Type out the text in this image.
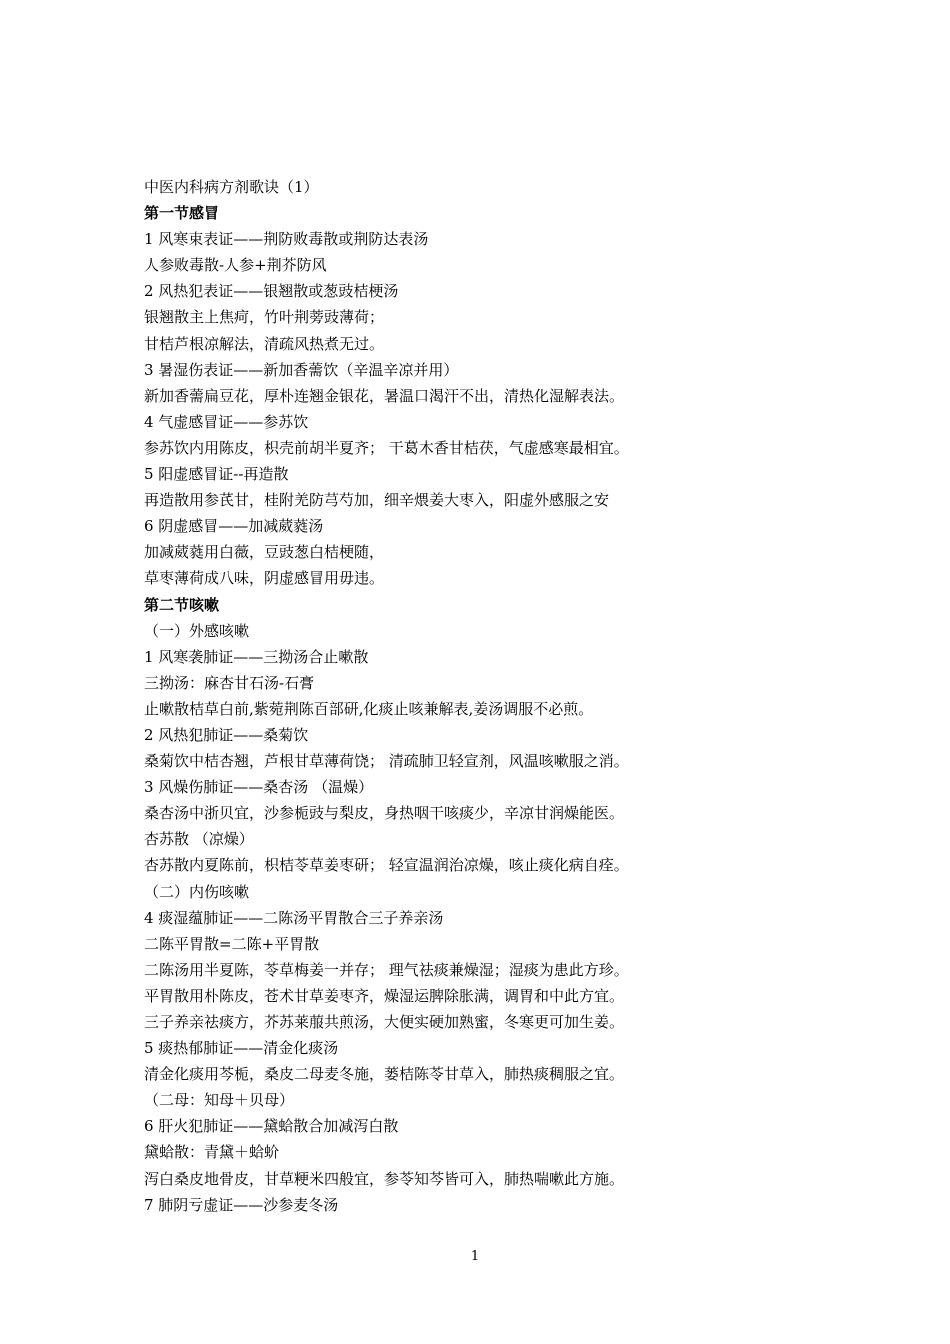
中医内科病方剂歌诀（1）
第一节感冒
1 风寒束表证——荆防败毒散或荆防达表汤
人参败毒散-人参+荆芥防风
2 风热犯表证——银翘散或葱豉桔梗汤
银翘散主上焦疴，竹叶荆蒡豉薄荷；
甘桔芦根凉解法，清疏风热煮无过。
3 暑湿伤表证——新加香薷饮（辛温辛凉并用）
新加香薷扁豆花，厚朴连翘金银花，暑温口渴汗不出，清热化湿解表法。
4 气虚感冒证——参苏饮
参苏饮内用陈皮，枳壳前胡半夏齐； 干葛木香甘桔茯，气虚感寒最相宜。
5 阳虚感冒证--再造散
再造散用参芪甘，桂附羌防芎芍加，细辛煨姜大枣入，阳虚外感服之安
6 阴虚感冒——加减葳蕤汤
加减葳蕤用白薇，豆豉葱白桔梗随，
草枣薄荷成八味，阴虚感冒用毋违。
第二节咳嗽
（一）外感咳嗽
1 风寒袭肺证——三拗汤合止嗽散
三拗汤：麻杏甘石汤-石膏
止嗽散桔草白前,紫菀荆陈百部研,化痰止咳兼解表,姜汤调服不必煎。
2 风热犯肺证——桑菊饮
桑菊饮中桔杏翘，芦根甘草薄荷饶； 清疏肺卫轻宣剂，风温咳嗽服之消。
3 风燥伤肺证——桑杏汤 （温燥）
桑杏汤中浙贝宜，沙参栀豉与梨皮，身热咽干咳痰少，辛凉甘润燥能医。
杏苏散 （凉燥）
杏苏散内夏陈前，枳桔苓草姜枣研； 轻宣温润治凉燥，咳止痰化病自痊。
（二）内伤咳嗽
4 痰湿蕴肺证——二陈汤平胃散合三子养亲汤
二陈平胃散=二陈+平胃散
二陈汤用半夏陈，苓草梅姜一并存； 理气祛痰兼燥湿；湿痰为患此方珍。
平胃散用朴陈皮，苍术甘草姜枣齐，燥湿运脾除胀满，调胃和中此方宜。
三子养亲祛痰方，芥苏莱菔共煎汤，大便实硬加熟蜜，冬寒更可加生姜。
5 痰热郁肺证——清金化痰汤
清金化痰用芩栀，桑皮二母麦冬施，蒌桔陈苓甘草入，肺热痰稠服之宜。
（二母：知母＋贝母）
6 肝火犯肺证——黛蛤散合加减泻白散
黛蛤散：青黛＋蛤蚧
泻白桑皮地骨皮，甘草粳米四般宜，参苓知芩皆可入，肺热喘嗽此方施。
7 肺阴亏虚证——沙参麦冬汤
1
